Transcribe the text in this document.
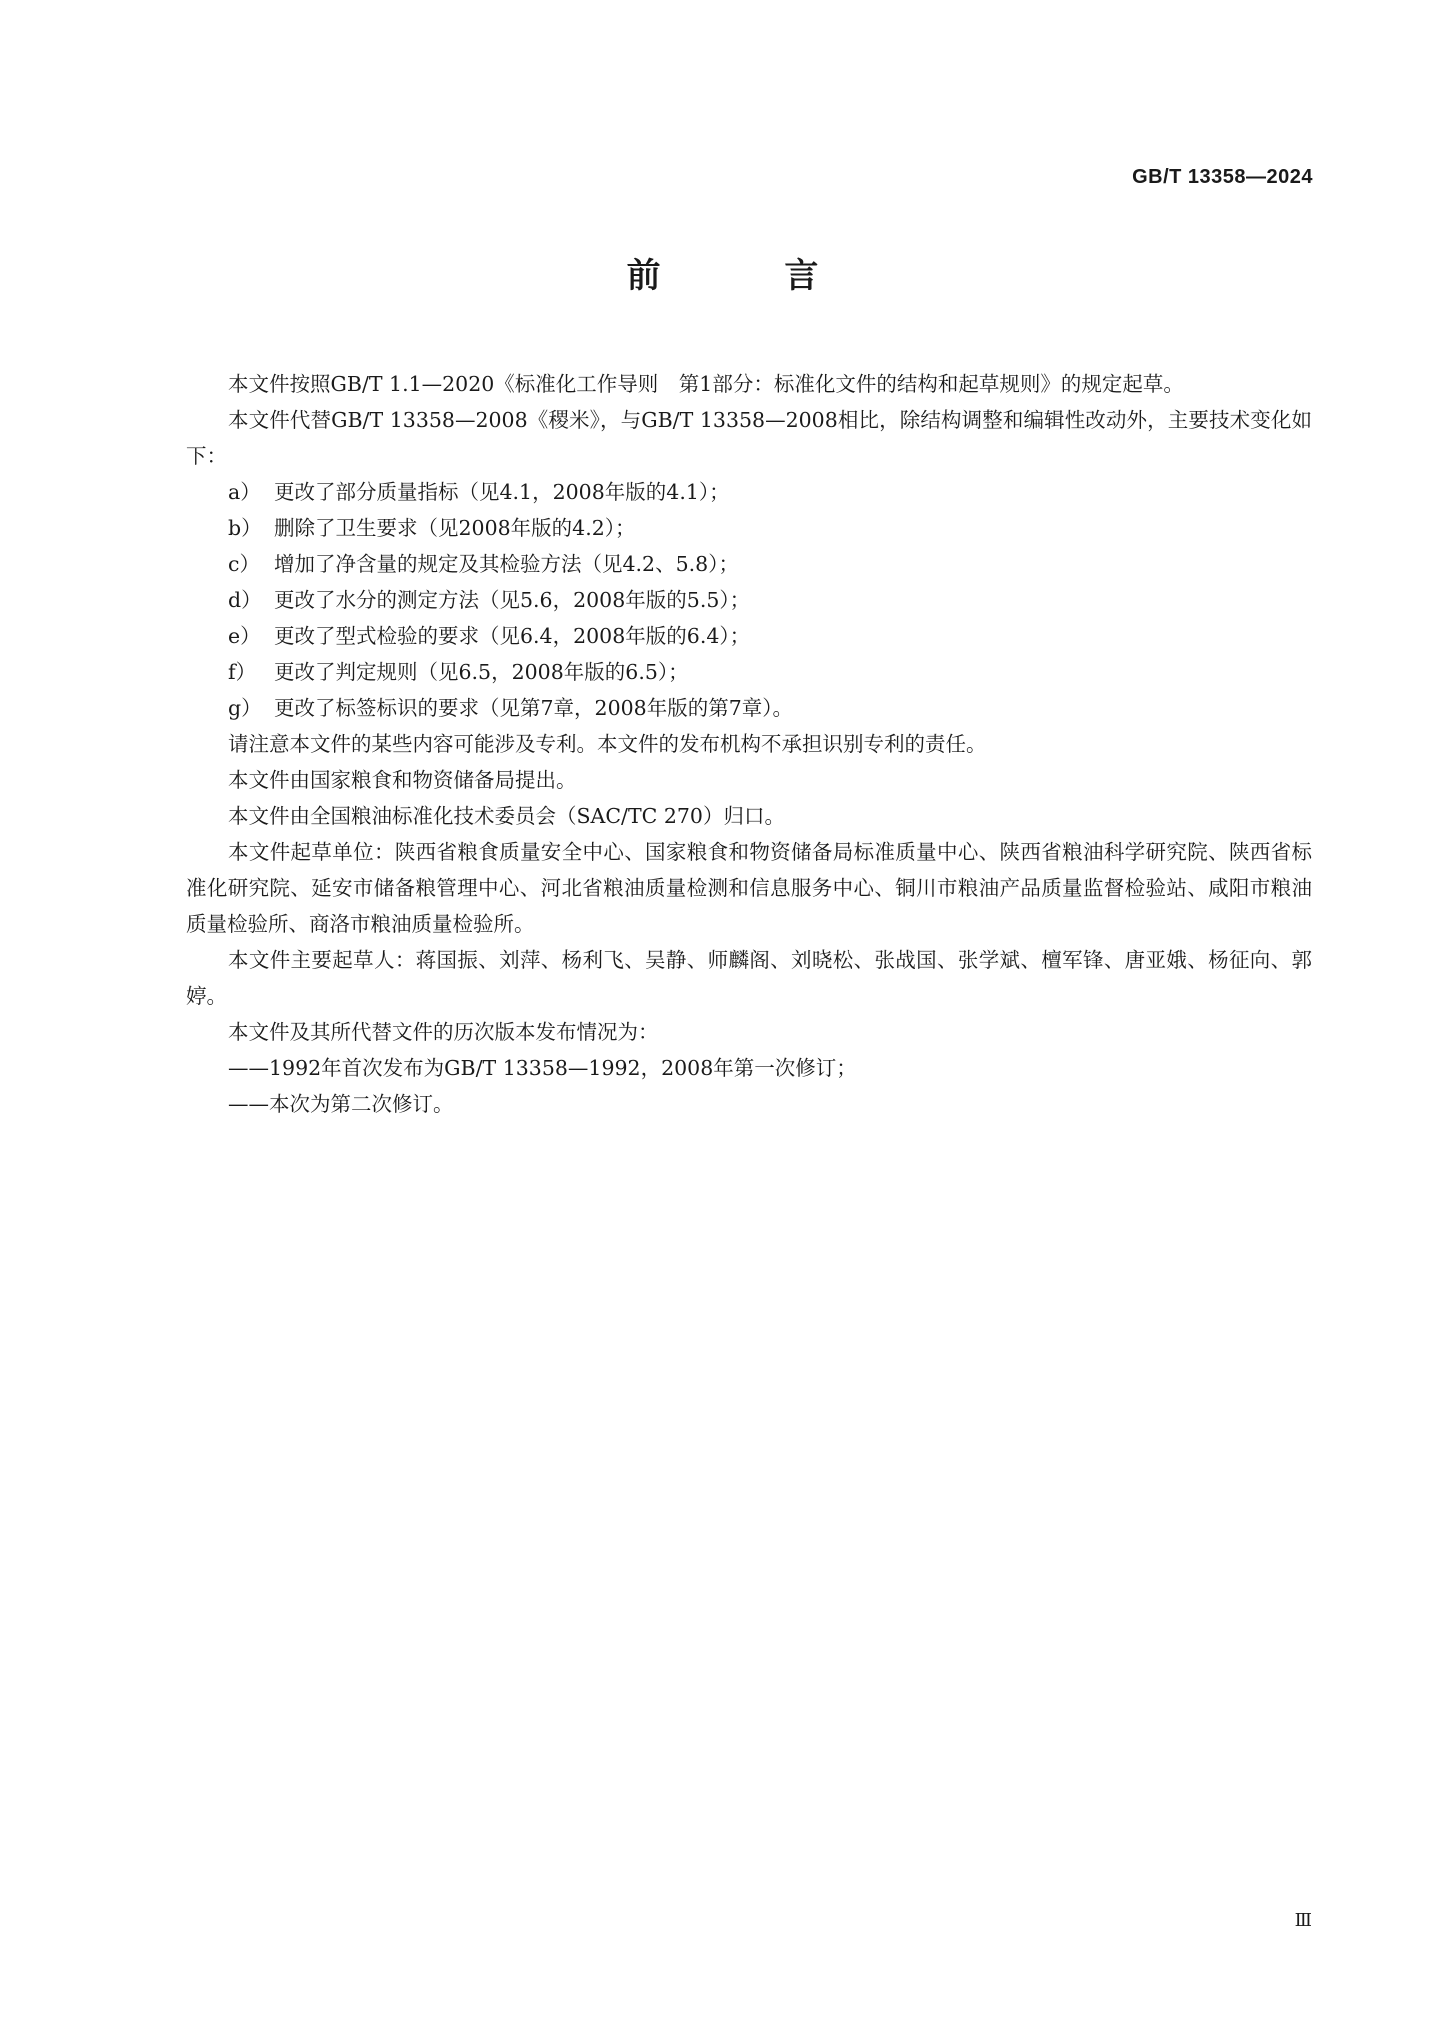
GB/T 13358—2024
前 言

本文件按照GB/T 1.1—2020《标准化工作导则　第1部分：标准化文件的结构和起草规则》的规定起草。

本文件代替GB/T 13358—2008《稷米》，与GB/T 13358—2008相比，除结构调整和编辑性改动外，主要技术变化如下：

a） 更改了部分质量指标（见4.1，2008年版的4.1）；

b） 删除了卫生要求（见2008年版的4.2）；

c） 增加了净含量的规定及其检验方法（见4.2、5.8）；

d） 更改了水分的测定方法（见5.6，2008年版的5.5）；

e） 更改了型式检验的要求（见6.4，2008年版的6.4）；

f） 更改了判定规则（见6.5，2008年版的6.5）；

g） 更改了标签标识的要求（见第7章，2008年版的第7章）。

请注意本文件的某些内容可能涉及专利。本文件的发布机构不承担识别专利的责任。

本文件由国家粮食和物资储备局提出。

本文件由全国粮油标准化技术委员会（SAC/TC 270）归口。

本文件起草单位：陕西省粮食质量安全中心、国家粮食和物资储备局标准质量中心、陕西省粮油科学研究院、陕西省标准化研究院、延安市储备粮管理中心、河北省粮油质量检测和信息服务中心、铜川市粮油产品质量监督检验站、咸阳市粮油质量检验所、商洛市粮油质量检验所。

本文件主要起草人：蒋国振、刘萍、杨利飞、吴静、师麟阁、刘晓松、张战国、张学斌、檀军锋、唐亚娥、杨征向、郭婷。

本文件及其所代替文件的历次版本发布情况为：

——1992年首次发布为GB/T 13358—1992，2008年第一次修订；

——本次为第二次修订。

Ⅲ
